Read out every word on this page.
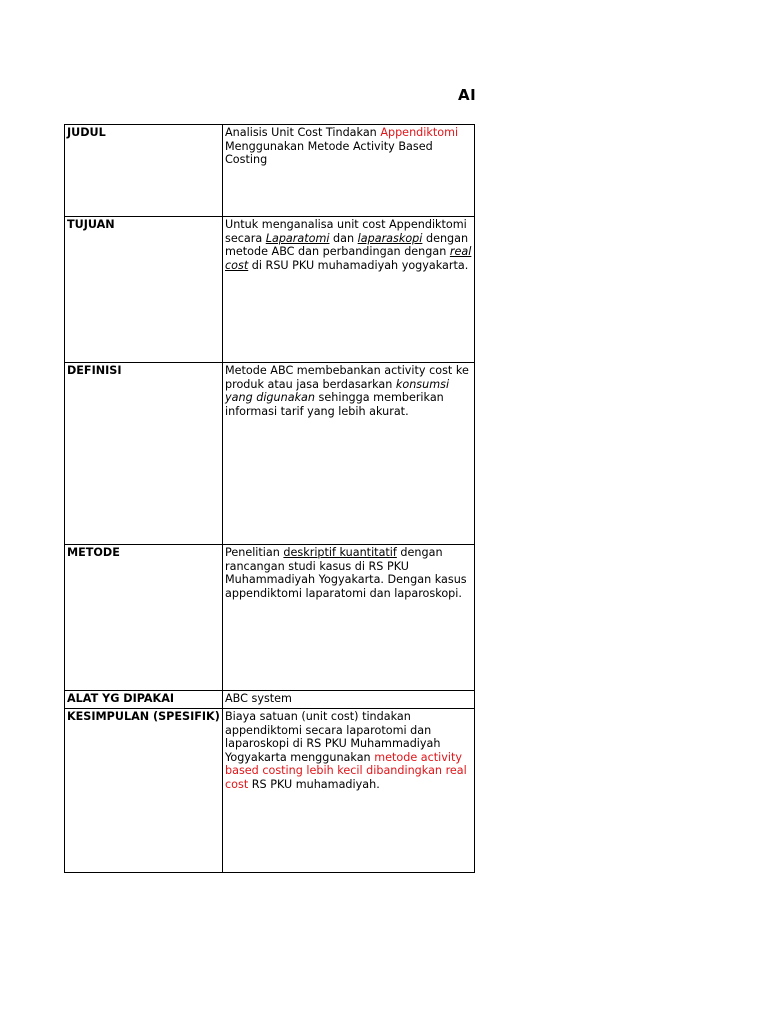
AI
JUDUL	Analisis Unit Cost Tindakan Appendiktomi Menggunakan Metode Activity Based Costing
TUJUAN	Untuk menganalisa unit cost Appendiktomi secara Laparatomi dan laparaskopi dengan metode ABC dan perbandingan dengan real cost di RSU PKU muhamadiyah yogyakarta.
DEFINISI	Metode ABC membebankan activity cost ke produk atau jasa berdasarkan konsumsi yang digunakan sehingga memberikan informasi tarif yang lebih akurat.
METODE	Penelitian deskriptif kuantitatif dengan rancangan studi kasus di RS PKU Muhammadiyah Yogyakarta. Dengan kasus appendiktomi laparatomi dan laparoskopi.
ALAT YG DIPAKAI	ABC system
KESIMPULAN (SPESIFIK)	Biaya satuan (unit cost) tindakan appendiktomi secara laparotomi dan laparoskopi di RS PKU Muhammadiyah Yogyakarta menggunakan metode activity based costing lebih kecil dibandingkan real cost RS PKU muhamadiyah.
